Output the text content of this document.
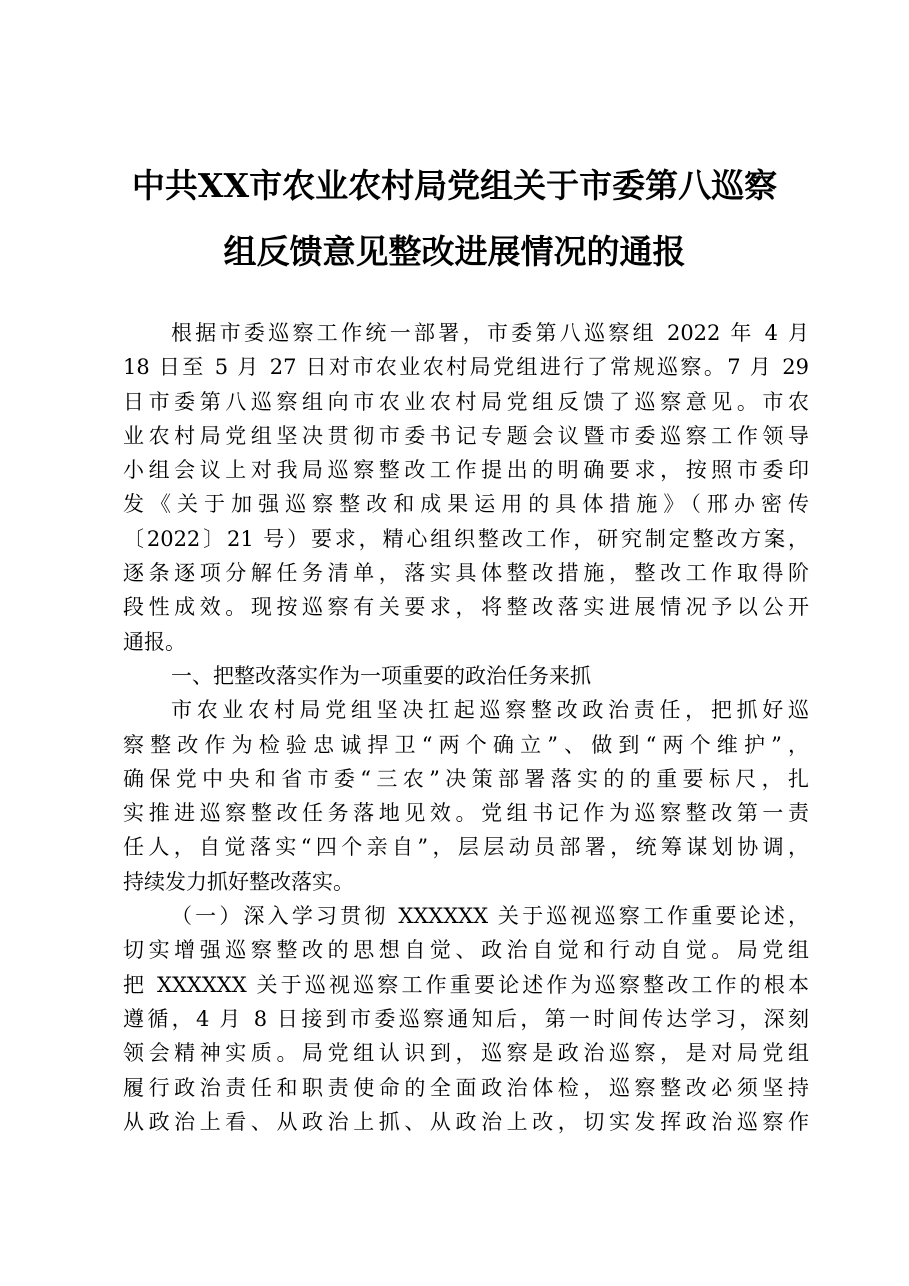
中共XX市农业农村局党组关于市委第八巡察
组反馈意见整改进展情况的通报
根据市委巡察工作统一部署，市委第八巡察组 2022 年 4 月
18 日至 5 月 27 日对市农业农村局党组进行了常规巡察。7 月 29
日市委第八巡察组向市农业农村局党组反馈了巡察意见。市农
业农村局党组坚决贯彻市委书记专题会议暨市委巡察工作领导
小组会议上对我局巡察整改工作提出的明确要求，按照市委印
发《关于加强巡察整改和成果运用的具体措施》（邢办密传
〔2022〕21 号）要求，精心组织整改工作，研究制定整改方案，
逐条逐项分解任务清单，落实具体整改措施，整改工作取得阶
段性成效。现按巡察有关要求，将整改落实进展情况予以公开
通报。
一、把整改落实作为一项重要的政治任务来抓
市农业农村局党组坚决扛起巡察整改政治责任，把抓好巡
察整改作为检验忠诚捍卫“两个确立”、做到“两个维护”，
确保党中央和省市委“三农”决策部署落实的的重要标尺，扎
实推进巡察整改任务落地见效。党组书记作为巡察整改第一责
任人，自觉落实“四个亲自”，层层动员部署，统筹谋划协调，
持续发力抓好整改落实。
（一）深入学习贯彻 XXXXXX 关于巡视巡察工作重要论述，
切实增强巡察整改的思想自觉、政治自觉和行动自觉。局党组
把 XXXXXX 关于巡视巡察工作重要论述作为巡察整改工作的根本
遵循，4 月 8 日接到市委巡察通知后，第一时间传达学习，深刻
领会精神实质。局党组认识到，巡察是政治巡察，是对局党组
履行政治责任和职责使命的全面政治体检，巡察整改必须坚持
从政治上看、从政治上抓、从政治上改，切实发挥政治巡察作
